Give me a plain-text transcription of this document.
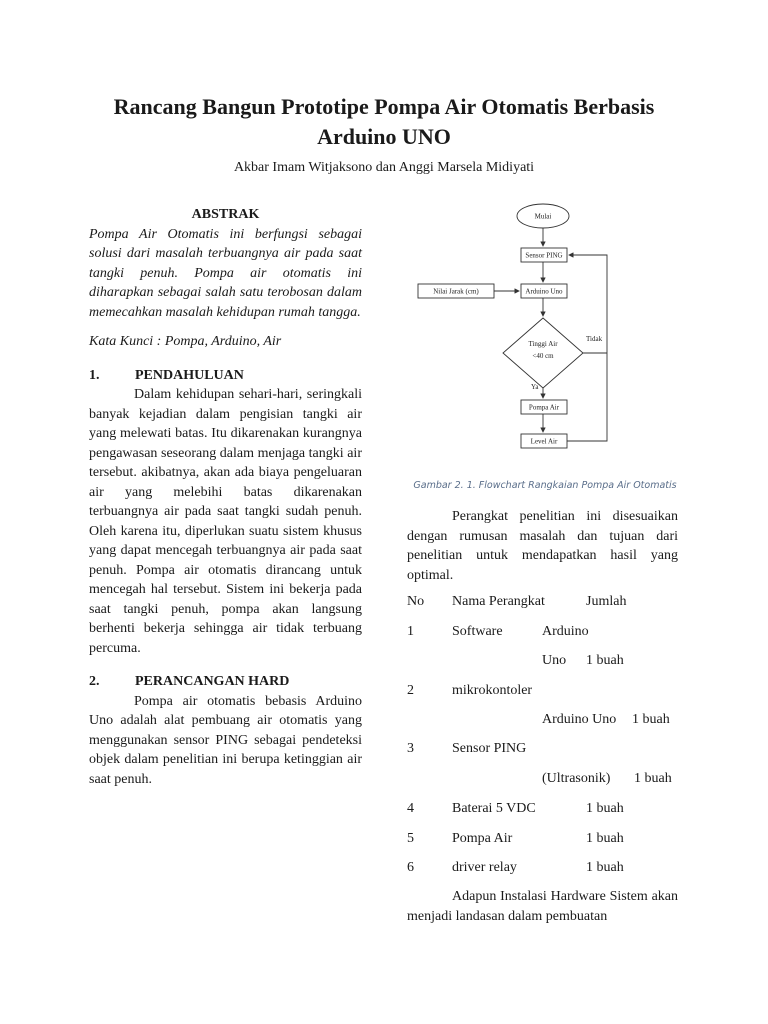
Rancang Bangun Prototipe Pompa Air Otomatis Berbasis
Arduino UNO
Akbar Imam Witjaksono dan Anggi Marsela Midiyati
ABSTRAK

Pompa Air Otomatis ini berfungsi sebagai solusi dari masalah terbuangnya air pada saat tangki penuh. Pompa air otomatis ini diharapkan sebagai salah satu terobosan dalam memecahkan masalah kehidupan rumah tangga.

Kata Kunci : Pompa, Arduino, Air

1.	PENDAHULUAN

Dalam kehidupan sehari-hari, seringkali banyak kejadian dalam pengisian tangki air yang melewati batas. Itu dikarenakan kurangnya pengawasan seseorang dalam menjaga tangki air tersebut. akibatnya, akan ada biaya pengeluaran air yang melebihi batas dikarenakan terbuangnya air pada saat tangki sudah penuh. Oleh karena itu, diperlukan suatu sistem khusus yang dapat mencegah terbuangnya air pada saat penuh. Pompa air otomatis dirancang untuk mencegah hal tersebut. Sistem ini bekerja pada saat tangki penuh, pompa akan langsung berhenti bekerja sehingga air tidak terbuang percuma.

2.	PERANCANGAN HARD

Pompa air otomatis bebasis Arduino Uno adalah alat pembuang air otomatis yang menggunakan sensor PING sebagai pendeteksi objek dalam penelitian ini berupa ketinggian air saat penuh.

Mulai
Sensor PING
Arduino Uno
Nilai Jarak (cm)
Tinggi Air
<40 cm
Tidak
Ya
Pompa Air
Level Air
Gambar 2. 1. Flowchart Rangkaian Pompa Air Otomatis

Perangkat penelitian ini disesuaikan dengan rumusan masalah dan tujuan dari penelitian untuk mendapatkan hasil yang optimal.

No Nama Perangkat	Jumlah
1	Software	Arduino
Uno 1 buah
2	mikrokontoler
Arduino Uno 1 buah
3	Sensor PING
(Ultrasonik) 1 buah
4	Baterai 5 VDC	1 buah
5	Pompa Air	1 buah
6	driver relay	1 buah

Adapun Instalasi Hardware Sistem akan menjadi landasan dalam pembuatan
